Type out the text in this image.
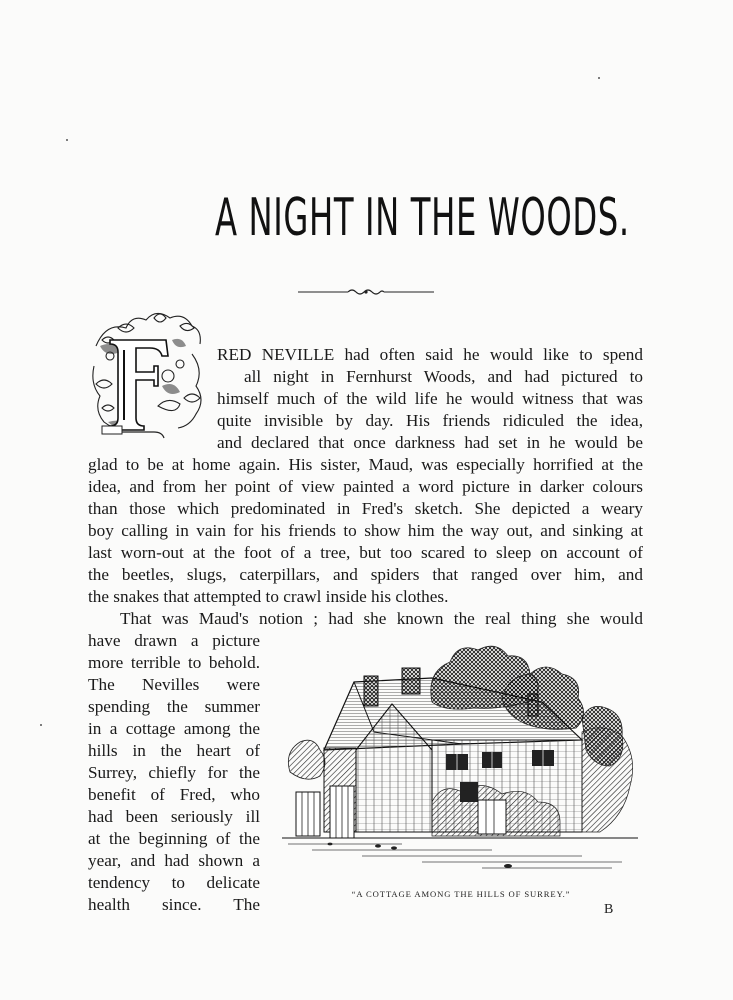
A NIGHT IN THE WOODS.
RED NEVILLE had often said he would like to spend
all night in Fernhurst Woods, and had pictured to
himself much of the wild life he would witness that was
quite invisible by day. His friends ridiculed the idea,
and declared that once darkness had set in he would be
glad to be at home again. His sister, Maud, was especially horrified at the
idea, and from her point of view painted a word picture in darker colours
than those which predominated in Fred's sketch. She depicted a weary
boy calling in vain for his friends to show him the way out, and sinking at
last worn-out at the foot of a tree, but too scared to sleep on account of
the beetles, slugs, caterpillars, and spiders that ranged over him, and
the snakes that attempted to crawl inside his clothes.
That was Maud's notion ; had she known the real thing she would
have drawn a picture
more terrible to behold.
The Nevilles were
spending the summer
in a cottage among the
hills in the heart of
Surrey, chiefly for the
benefit of Fred, who
had been seriously ill
at the beginning of the
year, and had shown a
tendency to delicate
health since. The
“A COTTAGE AMONG THE HILLS OF SURREY.”
B
